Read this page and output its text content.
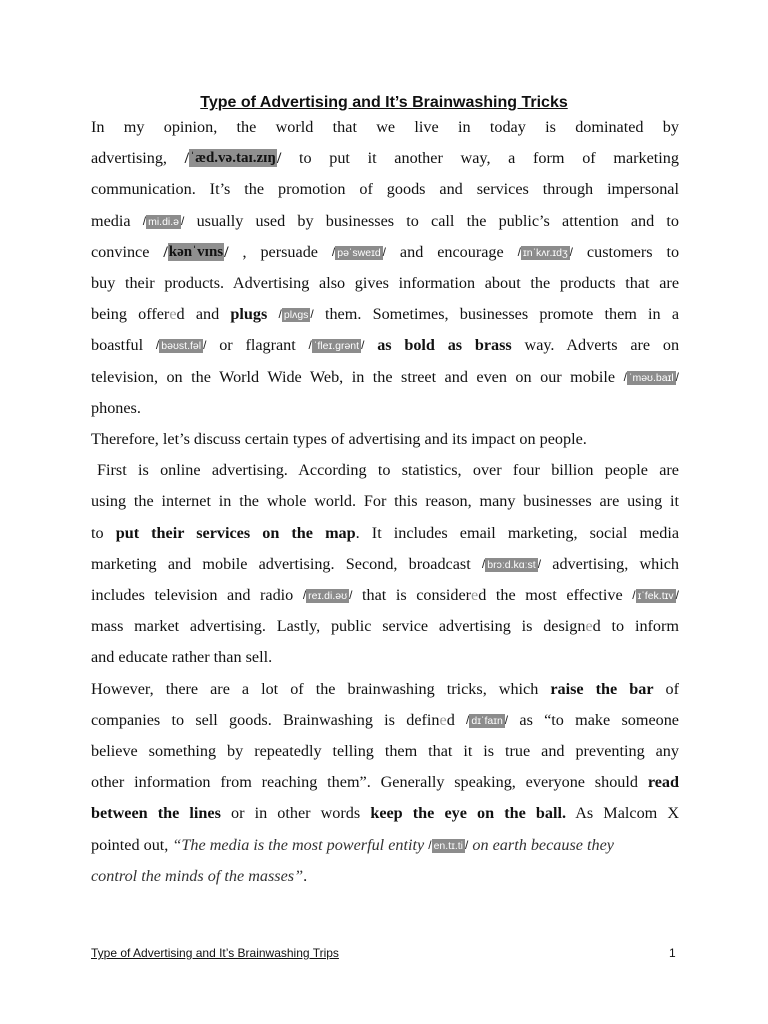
Type of Advertising and It’s Brainwashing Tricks

In my opinion, the world that we live in today is dominated by

advertising, /ˈæd.və.taɪ.zɪŋ/ to put it another way, a form of marketing

communication. It’s the promotion of goods and services through impersonal

media / mi.di.ə / usually used by businesses to call the public’s attention and to

convince /kənˈvɪns/ , persuade / pəˈsweɪd / and encourage / ɪnˈkʌr.ɪdʒ / customers to

buy their products. Advertising also gives information about the products that are

being offered and plugs / plʌgs / them. Sometimes, businesses promote them in a

boastful / bəʊst.fəl / or flagrant / ˈfleɪ.grənt / as bold as brass way. Adverts are on

television, on the World Wide Web, in the street and even on our mobile / ˈməʊ.baɪl /

phones.

Therefore, let’s discuss certain types of advertising and its impact on people.

First is online advertising. According to statistics, over four billion people are

using the internet in the whole world. For this reason, many businesses are using it

to put their services on the map. It includes email marketing, social media

marketing and mobile advertising. Second, broadcast / brɔːd.kɑːst / advertising, which

includes television and radio / reɪ.di.əʊ / that is considered the most effective / ɪˈfek.tɪv /

mass market advertising. Lastly, public service advertising is designed to inform

and educate rather than sell.

However, there are a lot of the brainwashing tricks, which raise the bar of

companies to sell goods. Brainwashing is defined / dɪˈfaɪn / as “to make someone

believe something by repeatedly telling them that it is true and preventing any

other information from reaching them”. Generally speaking, everyone should read

between the lines or in other words keep the eye on the ball. As Malcom X

pointed out, “The media is the most powerful entity / en.tɪ.ti / on earth because they

control the minds of the masses”.

Type of Advertising and It’s Brainwashing Trips	1
